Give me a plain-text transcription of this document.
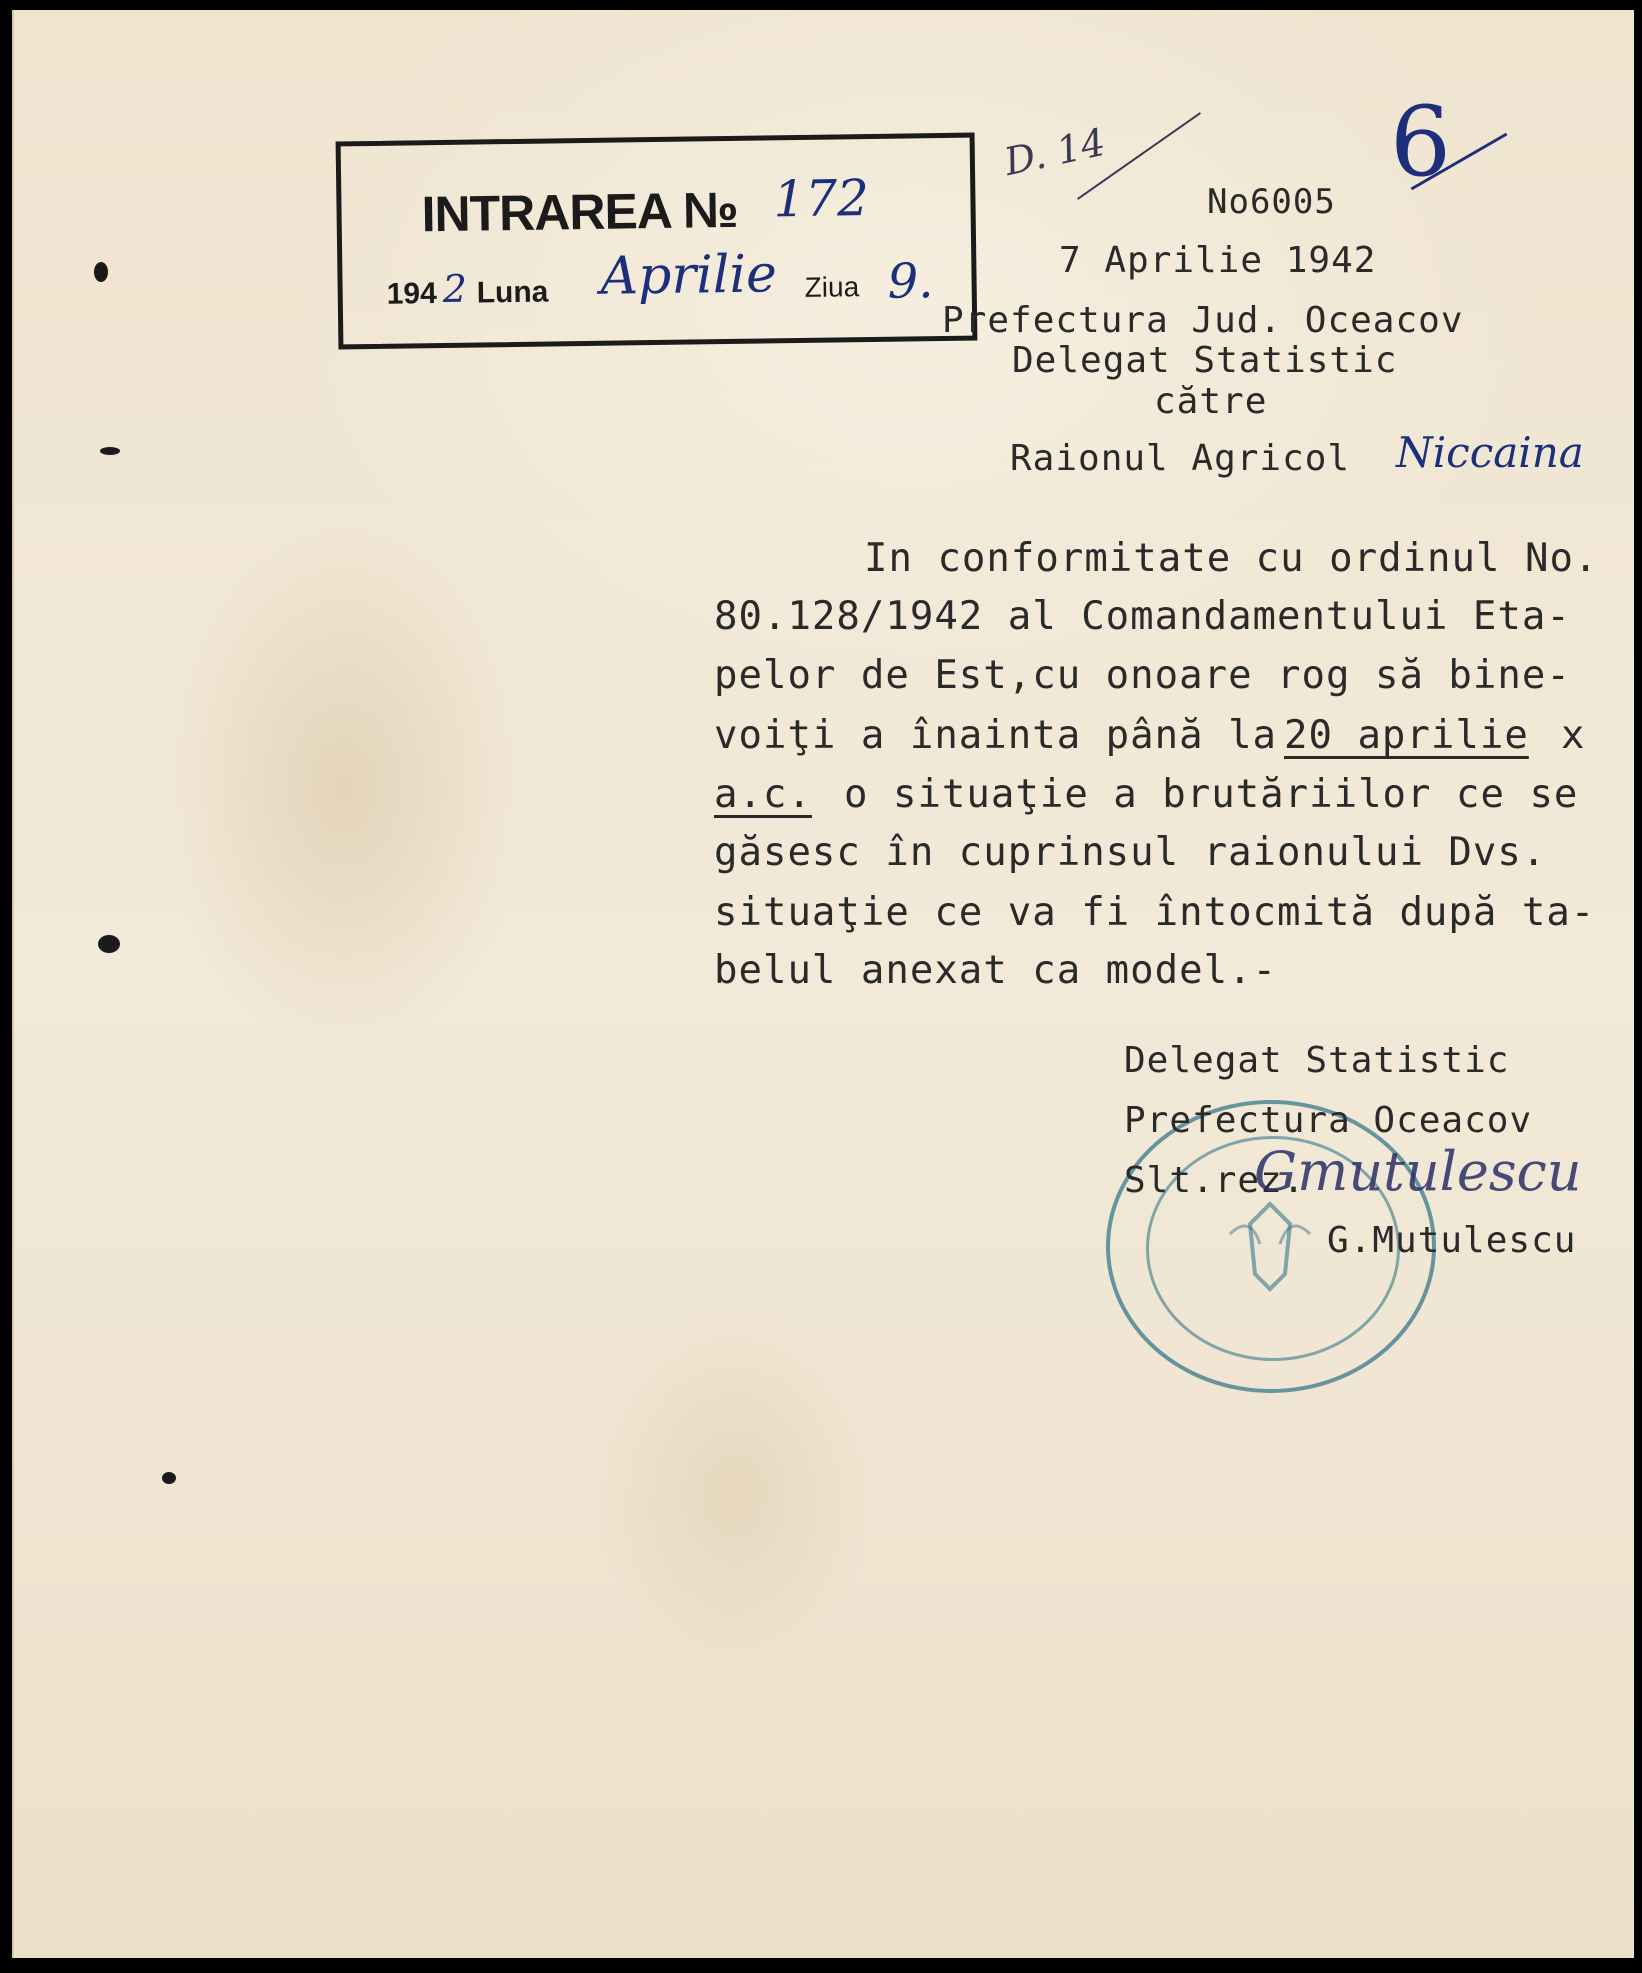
INTRAREA № 172
194 2 Luna Aprilie Ziua 9.
D. 14	6
No6005
7 Aprilie 1942
Prefectura Jud. Oceacov
Delegat Statistic
către
Raionul Agricol Niccaina
In conformitate cu ordinul No.
80.128/1942 al Comandamentului Eta-
pelor de Est,cu onoare rog să bine-
voiţi a înainta până la 20 aprilie x
a.c. o situaţie a brutăriilor ce se
găsesc în cuprinsul raionului Dvs.
situaţie ce va fi întocmită după ta-
belul anexat ca model.-
Delegat Statistic
Prefectura Oceacov
Slt.rez.
G.Mutulescu
Gmutulescu
